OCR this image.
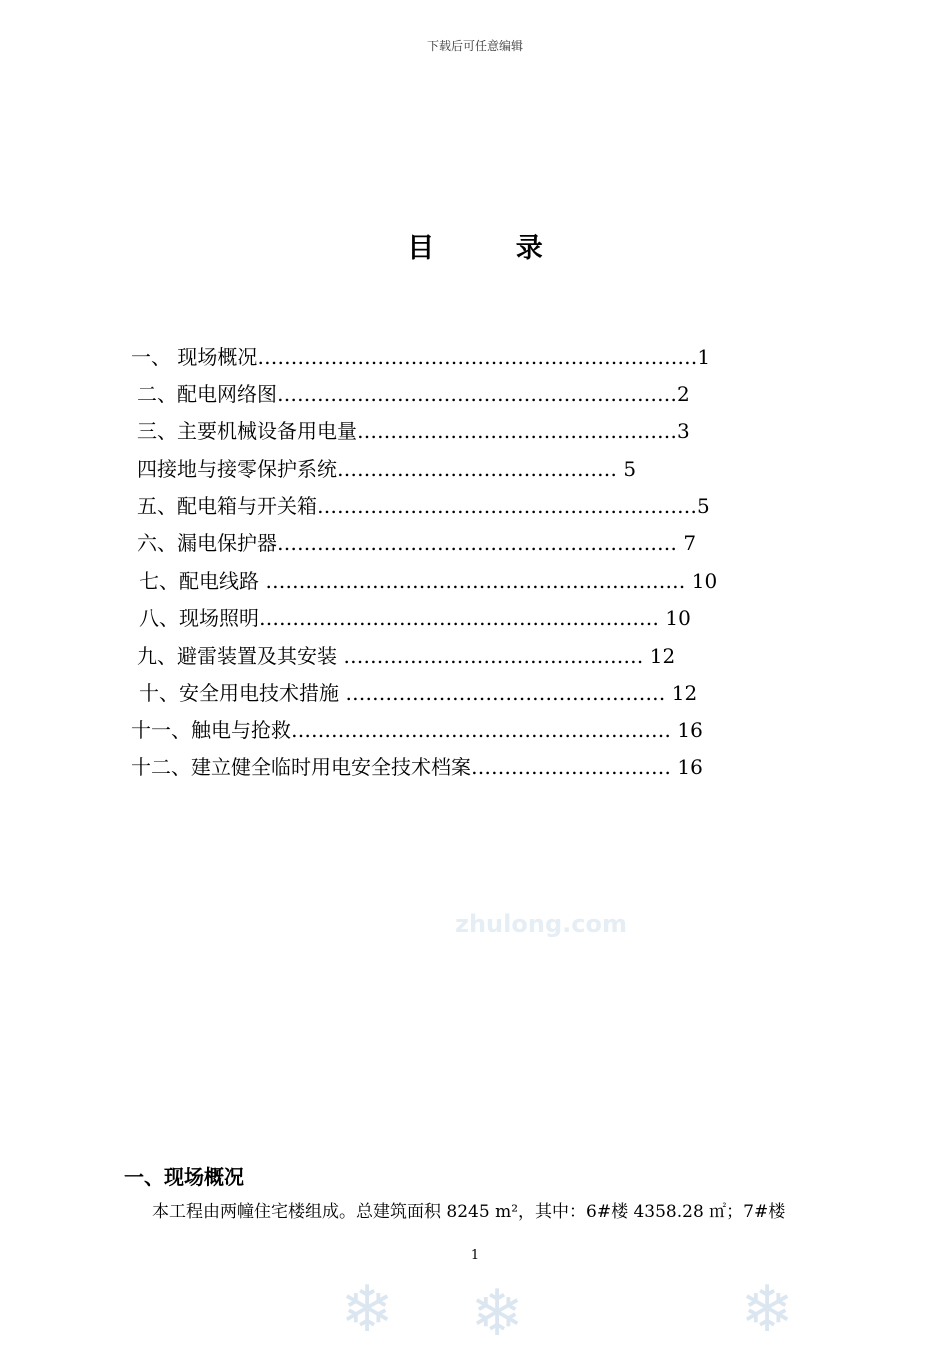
下载后可任意编辑
目 录
一、 现场概况…………………………………………………………1
二、配电网络图……………………………………………………2
三、主要机械设备用电量…………………………………………3
四接地与接零保护系统…………………………………… 5
五、配电箱与开关箱…………………………………………………5
六、漏电保护器…………………………………………………… 7
七、配电线路 ……………………………………………………… 10
八、现场照明…………………………………………………… 10
九、避雷装置及其安装 ……………………………………… 12
十、安全用电技术措施 ………………………………………… 12
十一、触电与抢救………………………………………………… 16
十二、建立健全临时用电安全技术档案………………………… 16
zhulong.com
一、现场概况
本工程由两幢住宅楼组成。总建筑面积 8245 m²，其中：6#楼 4358.28 ㎡；7#楼
1
❄ ❄	❄
